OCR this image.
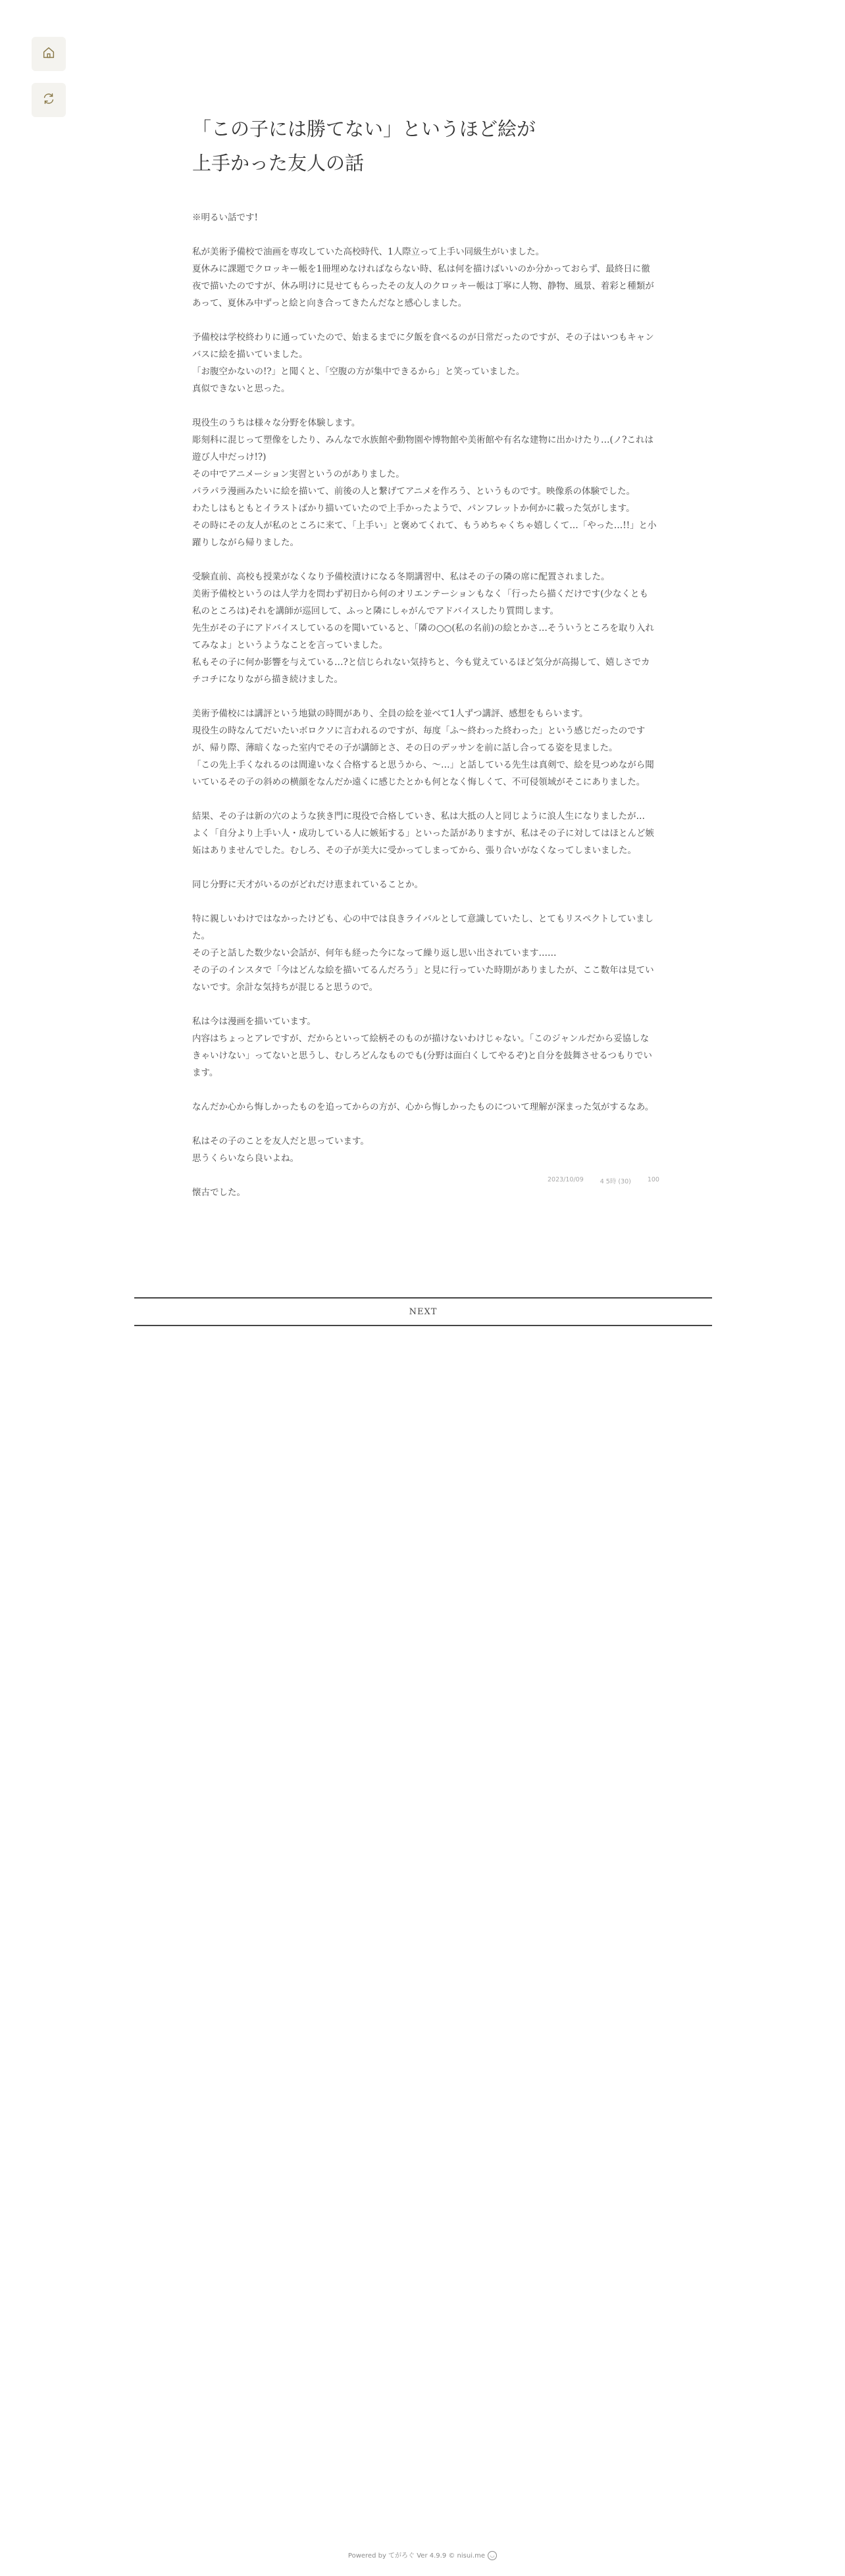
「この子には勝てない」というほど絵が
上手かった友人の話

※明るい話です!

私が美術予備校で油画を専攻していた高校時代、1人際立って上手い同級生がいました。
夏休みに課題でクロッキー帳を1冊埋めなければならない時、私は何を描けばいいのか分かっておらず、最終日に徹夜で描いたのですが、休み明けに見せてもらったその友人のクロッキー帳は丁寧に人物、静物、風景、着彩と種類があって、夏休み中ずっと絵と向き合ってきたんだなと感心しました。

予備校は学校終わりに通っていたので、始まるまでに夕飯を食べるのが日常だったのですが、その子はいつもキャンバスに絵を描いていました。
「お腹空かないの!?」と聞くと、「空腹の方が集中できるから」と笑っていました。
真似できないと思った。

現役生のうちは様々な分野を体験します。
彫刻科に混じって塑像をしたり、みんなで水族館や動物園や博物館や美術館や有名な建物に出かけたり…(ノ?これは遊び人中だっけ!?)
その中でアニメーション実習というのがありました。
パラパラ漫画みたいに絵を描いて、前後の人と繋げてアニメを作ろう、というものです。映像系の体験でした。
わたしはもともとイラストばかり描いていたので上手かったようで、パンフレットか何かに載った気がします。
その時にその友人が私のところに来て、「上手い」と褒めてくれて、もうめちゃくちゃ嬉しくて…「やった…!!」と小躍りしながら帰りました。

受験直前、高校も授業がなくなり予備校漬けになる冬期講習中、私はその子の隣の席に配置されました。
美術予備校というのは人学力を問わず初日から何のオリエンテーションもなく「行ったら描くだけです(少なくとも私のところは)それを講師が巡回して、ふっと隣にしゃがんでアドバイスしたり質問します。
先生がその子にアドバイスしているのを聞いていると、「隣の○○(私の名前)の絵とかさ…そういうところを取り入れてみなよ」というようなことを言っていました。
私もその子に何か影響を与えている…?と信じられない気持ちと、今も覚えているほど気分が高揚して、嬉しさでカチコチになりながら描き続けました。

美術予備校には講評という地獄の時間があり、全員の絵を並べて1人ずつ講評、感想をもらいます。
現役生の時なんてだいたいボロクソに言われるのですが、毎度「ふ～終わった終わった」という感じだったのですが、帰り際、薄暗くなった室内でその子が講師とさ、その日のデッサンを前に話し合ってる姿を見ました。
「この先上手くなれるのは間違いなく合格すると思うから、～…」と話している先生は真剣で、絵を見つめながら聞いているその子の斜めの横顔をなんだか遠くに感じたとかも何となく悔しくて、不可侵領域がそこにありました。

結果、その子は新の穴のような狭き門に現役で合格していき、私は大抵の人と同じように浪人生になりましたが…
よく「自分より上手い人・成功している人に嫉妬する」といった話がありますが、私はその子に対してはほとんど嫉妬はありませんでした。むしろ、その子が美大に受かってしまってから、張り合いがなくなってしまいました。

同じ分野に天才がいるのがどれだけ恵まれていることか。

特に親しいわけではなかったけども、心の中では良きライバルとして意識していたし、とてもリスペクトしていました。
その子と話した数少ない会話が、何年も経った今になって繰り返し思い出されています……
その子のインスタで「今はどんな絵を描いてるんだろう」と見に行っていた時期がありましたが、ここ数年は見ていないです。余計な気持ちが混じると思うので。

私は今は漫画を描いています。
内容はちょっとアレですが、だからといって絵柄そのものが描けないわけじゃない。「このジャンルだから妥協しなきゃいけない」ってないと思うし、むしろどんなものでも(分野は面白くしてやるぞ)と自分を鼓舞させるつもりでいます。

なんだか心から悔しかったものを追ってからの方が、心から悔しかったものについて理解が深まった気がするなあ。

私はその子のことを友人だと思っています。
思うくらいなら良いよね。

懐古でした。

2023/10/09	4 5時 (30)	100
NEXT
Powered by てがろぐ Ver 4.9.9 © nisui.me ◡
